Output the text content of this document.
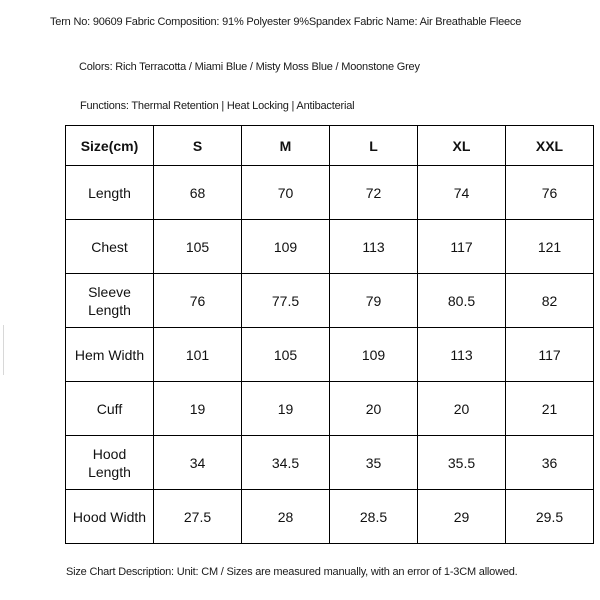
Tern No: 90609 Fabric Composition: 91% Polyester 9%Spandex Fabric Name: Air Breathable Fleece
Colors: Rich Terracotta / Miami Blue / Misty Moss Blue / Moonstone Grey
Functions: Thermal Retention | Heat Locking | Antibacterial
Size(cm)	S	M	L	XL	XXL

Length	68	70	72	74	76

Chest	105	109	113	117	121

Sleeve
Length	76	77.5	79	80.5	82

Hem Width	101	105	109	113	117

Cuff	19	19	20	20	21

Hood
Length	34	34.5	35	35.5	36

Hood Width	27.5	28	28.5	29	29.5
Size Chart Description: Unit: CM / Sizes are measured manually, with an error of 1-3CM allowed.
